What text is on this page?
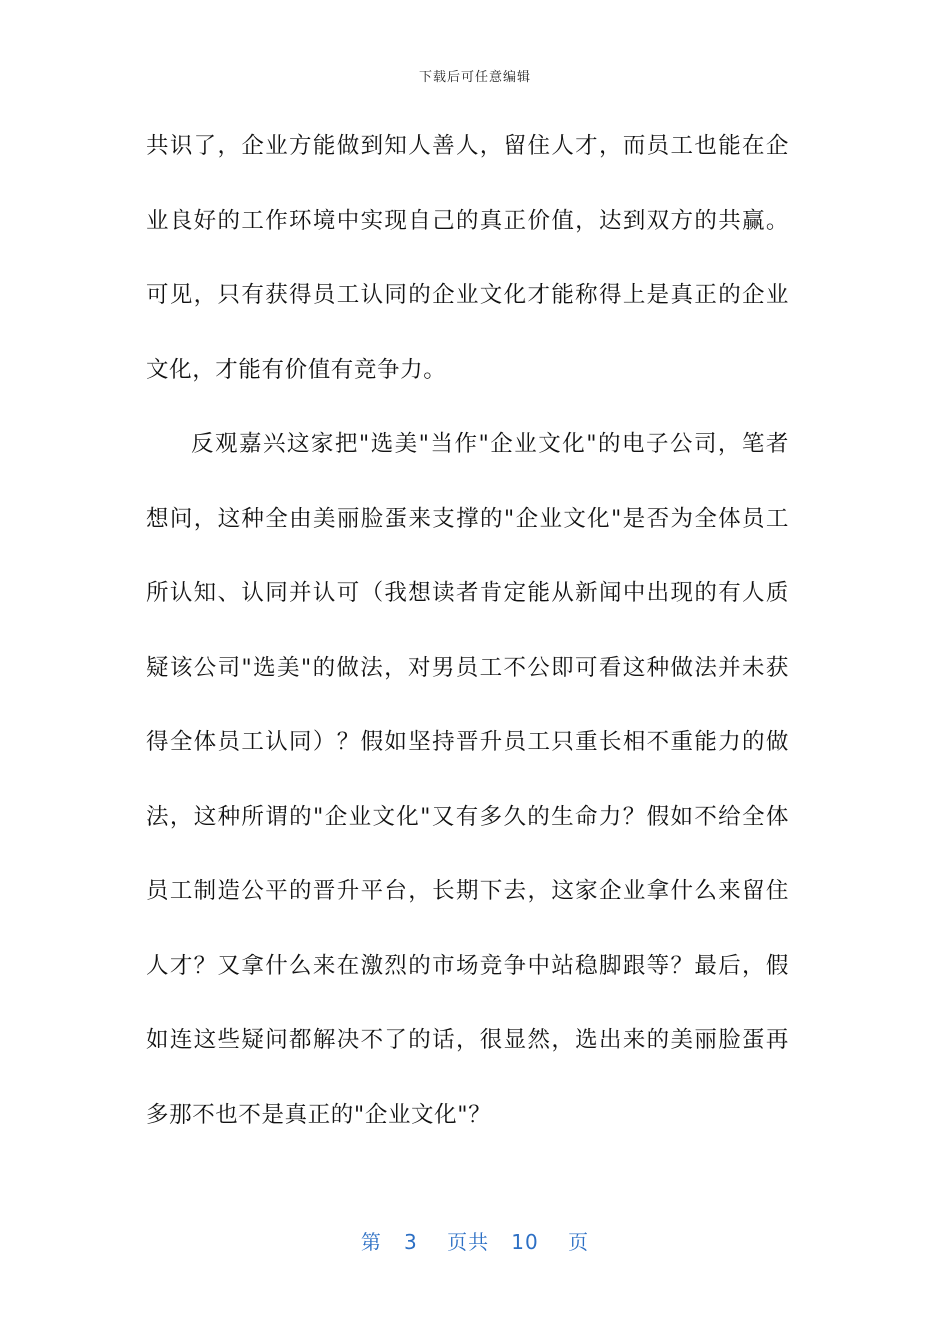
下载后可任意编辑

共识了，企业方能做到知人善人，留住人才，而员工也能在企业良好的工作环境中实现自己的真正价值，达到双方的共赢。可见，只有获得员工认同的企业文化才能称得上是真正的企业文化，才能有价值有竞争力。

反观嘉兴这家把"选美"当作"企业文化"的电子公司，笔者想问，这种全由美丽脸蛋来支撑的"企业文化"是否为全体员工所认知、认同并认可（我想读者肯定能从新闻中出现的有人质疑该公司"选美"的做法，对男员工不公即可看这种做法并未获得全体员工认同）？假如坚持晋升员工只重长相不重能力的做法，这种所谓的"企业文化"又有多久的生命力？假如不给全体员工制造公平的晋升平台，长期下去，这家企业拿什么来留住人才？又拿什么来在激烈的市场竞争中站稳脚跟等？最后，假如连这些疑问都解决不了的话，很显然，选出来的美丽脸蛋再多那不也不是真正的"企业文化"？

第 3 页共 10 页
